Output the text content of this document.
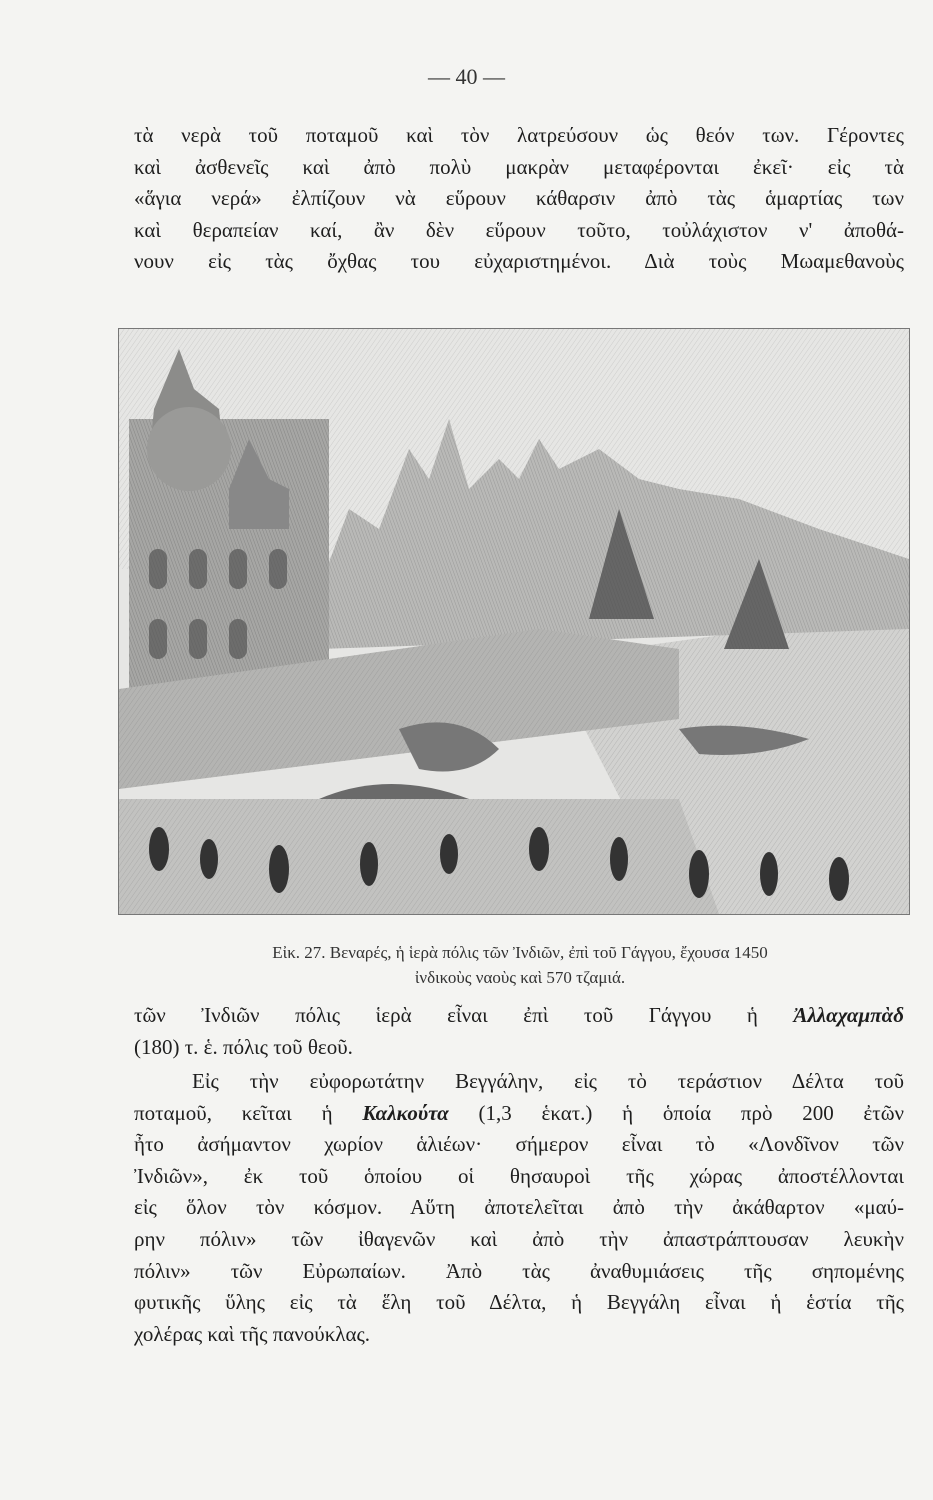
— 40 —
τὰ νερὰ τοῦ ποταμοῦ καὶ τὸν λατρεύσουν ὡς θεόν των. Γέροντες
καὶ ἀσθενεῖς καὶ ἀπὸ πολὺ μακρὰν μεταφέρονται ἐκεῖ· εἰς τὰ
«ἅγια νερά» ἐλπίζουν νὰ εὕρουν κάθαρσιν ἀπὸ τὰς ἁμαρτίας των
καὶ θεραπείαν καί, ἂν δὲν εὕρουν τοῦτο, τοὐλάχιστον ν' ἀποθά-
νουν εἰς τὰς ὄχθας του εὐχαριστημένοι. Διὰ τοὺς Μωαμεθανοὺς
Εἰκ. 27. Βεναρές, ἡ ἱερὰ πόλις τῶν Ἰνδιῶν, ἐπὶ τοῦ Γάγγου, ἔχουσα 1450
ἰνδικοὺς ναοὺς καὶ 570 τζαμιά.
τῶν Ἰνδιῶν πόλις ἱερὰ εἶναι ἐπὶ τοῦ Γάγγου ἡ Ἀλλαχαμπὰδ
(180) τ. ἑ. πόλις τοῦ θεοῦ.
Εἰς τὴν εὐφορωτάτην Βεγγάλην, εἰς τὸ τεράστιον Δέλτα τοῦ
ποταμοῦ, κεῖται ἡ Καλκούτα (1,3 ἑκατ.) ἡ ὁποία πρὸ 200 ἐτῶν
ἦτο ἀσήμαντον χωρίον ἁλιέων· σήμερον εἶναι τὸ «Λονδῖνον τῶν
Ἰνδιῶν», ἐκ τοῦ ὁποίου οἱ θησαυροὶ τῆς χώρας ἀποστέλλονται
εἰς ὅλον τὸν κόσμον. Αὕτη ἀποτελεῖται ἀπὸ τὴν ἀκάθαρτον «μαύ-
ρην πόλιν» τῶν ἰθαγενῶν καὶ ἀπὸ τὴν ἀπαστράπτουσαν λευκὴν
πόλιν» τῶν Εὐρωπαίων. Ἀπὸ τὰς ἀναθυμιάσεις τῆς σηπομένης
φυτικῆς ὕλης εἰς τὰ ἕλη τοῦ Δέλτα, ἡ Βεγγάλη εἶναι ἡ ἑστία τῆς
χολέρας καὶ τῆς πανούκλας.
